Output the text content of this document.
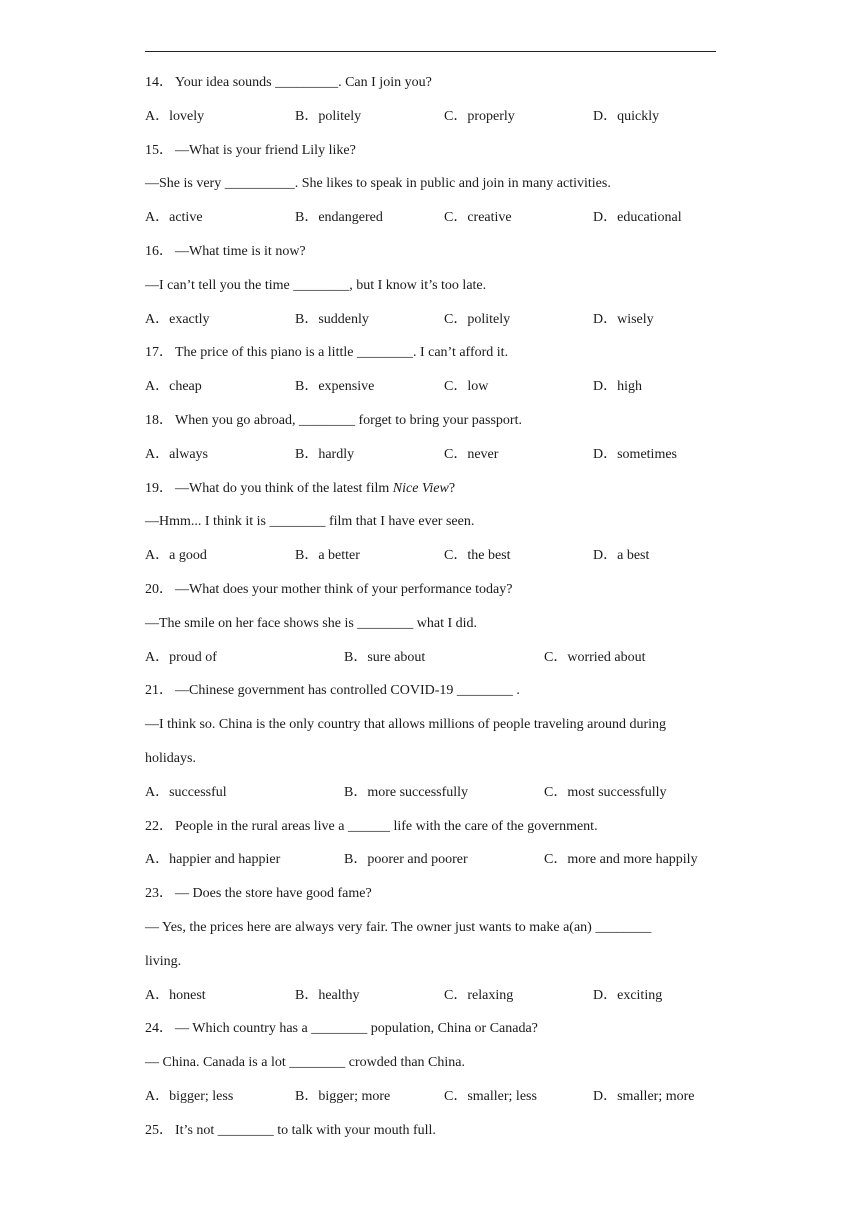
14． Your idea sounds _________. Can I join you?
A．lovely	B．politely	C．properly	D．quickly
15． —What is your friend Lily like?
—She is very __________. She likes to speak in public and join in many activities.
A．active	B．endangered	C．creative	D．educational
16． —What time is it now?
—I can’t tell you the time ________, but I know it’s too late.
A．exactly	B．suddenly	C．politely	D．wisely
17． The price of this piano is a little ________. I can’t afford it.
A．cheap	B．expensive	C．low	D．high
18． When you go abroad, ________ forget to bring your passport.
A．always	B．hardly	C．never	D．sometimes
19． —What do you think of the latest film Nice View?
—Hmm... I think it is ________ film that I have ever seen.
A．a good	B．a better	C．the best	D．a best
20． —What does your mother think of your performance today?
—The smile on her face shows she is ________ what I did.
A．proud of	B．sure about	C．worried about
21． —Chinese government has controlled COVID-19 ________ .
—I think so. China is the only country that allows millions of people traveling around during
holidays.
A．successful	B．more successfully	C．most successfully
22． People in the rural areas live a ______ life with the care of the government.
A．happier and happier	B．poorer and poorer	C．more and more happily
23． — Does the store have good fame?
— Yes, the prices here are always very fair. The owner just wants to make a(an) ________
living.
A．honest	B．healthy	C．relaxing	D．exciting
24． — Which country has a ________ population, China or Canada?
— China. Canada is a lot ________ crowded than China.
A．bigger; less	B．bigger; more	C．smaller; less	D．smaller; more
25． It’s not ________ to talk with your mouth full.
